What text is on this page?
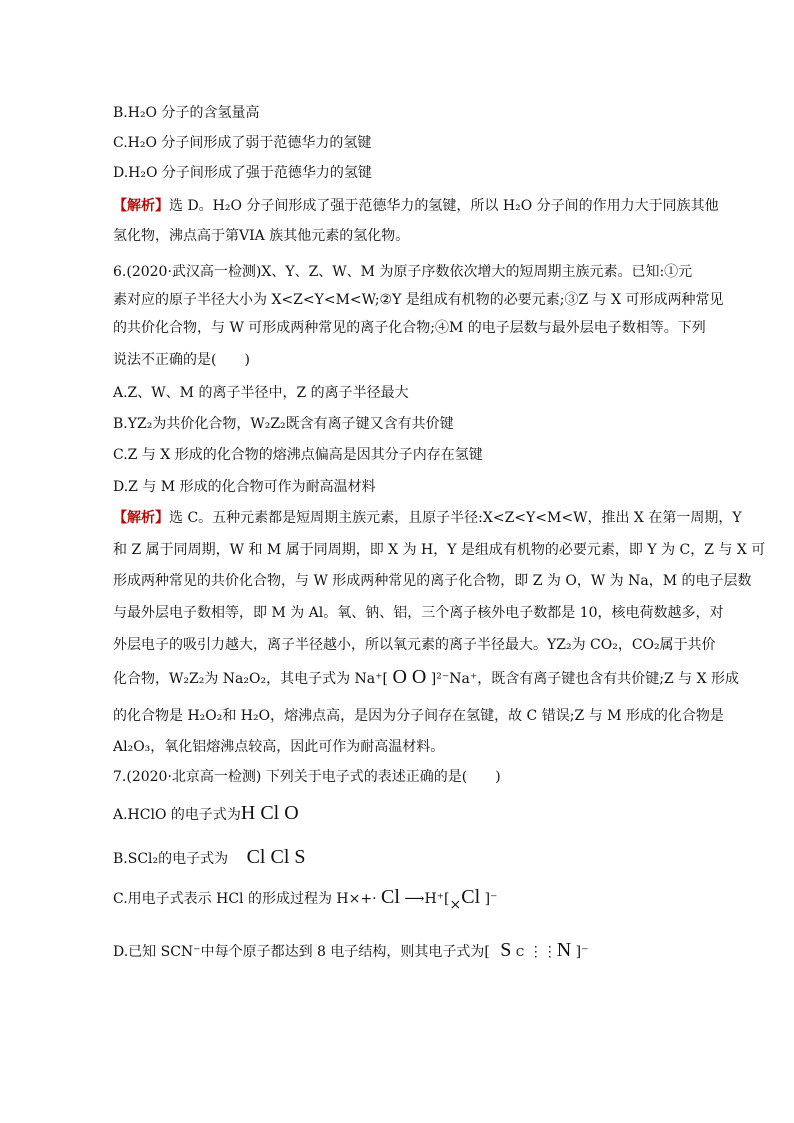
B.H₂O 分子的含氢量高
C.H₂O 分子间形成了弱于范德华力的氢键
D.H₂O 分子间形成了强于范德华力的氢键
【解析】选 D。H₂O 分子间形成了强于范德华力的氢键，所以 H₂O 分子间的作用力大于同族其他
氢化物，沸点高于第VIA 族其他元素的氢化物。
6.(2020·武汉高一检测)X、Y、Z、W、M 为原子序数依次增大的短周期主族元素。已知:①元
素对应的原子半径大小为 X<Z<Y<M<W;②Y 是组成有机物的必要元素;③Z 与 X 可形成两种常见
的共价化合物，与 W 可形成两种常见的离子化合物;④M 的电子层数与最外层电子数相等。下列
说法不正确的是(　　)
A.Z、W、M 的离子半径中，Z 的离子半径最大
B.YZ₂为共价化合物，W₂Z₂既含有离子键又含有共价键
C.Z 与 X 形成的化合物的熔沸点偏高是因其分子内存在氢键
D.Z 与 M 形成的化合物可作为耐高温材料
【解析】选 C。五种元素都是短周期主族元素，且原子半径:X<Z<Y<M<W，推出 X 在第一周期，Y
和 Z 属于同周期，W 和 M 属于同周期，即 X 为 H，Y 是组成有机物的必要元素，即 Y 为 C，Z 与 X 可
形成两种常见的共价化合物，与 W 形成两种常见的离子化合物，即 Z 为 O，W 为 Na，M 的电子层数
与最外层电子数相等，即 M 为 Al。氧、钠、铝，三个离子核外电子数都是 10，核电荷数越多，对
外层电子的吸引力越大，离子半径越小，所以氧元素的离子半径最大。YZ₂为 CO₂，CO₂属于共价
化合物，W₂Z₂为 Na₂O₂，其电子式为 Na⁺[ O O ]²⁻Na⁺，既含有离子键也含有共价键;Z 与 X 形成
的化合物是 H₂O₂和 H₂O，熔沸点高，是因为分子间存在氢键，故 C 错误;Z 与 M 形成的化合物是
Al₂O₃，氧化铝熔沸点较高，因此可作为耐高温材料。
7.(2020·北京高一检测) 下列关于电子式的表述正确的是(　　)
A.HClO 的电子式为H Cl O
B.SCl₂的电子式为 Cl Cl S
C.用电子式表示 HCl 的形成过程为 H×+· Cl ⟶H⁺[×Cl ]⁻
D.已知 SCN⁻中每个原子都达到 8 电子结构，则其电子式为[ S C ⋮⋮N ]⁻
